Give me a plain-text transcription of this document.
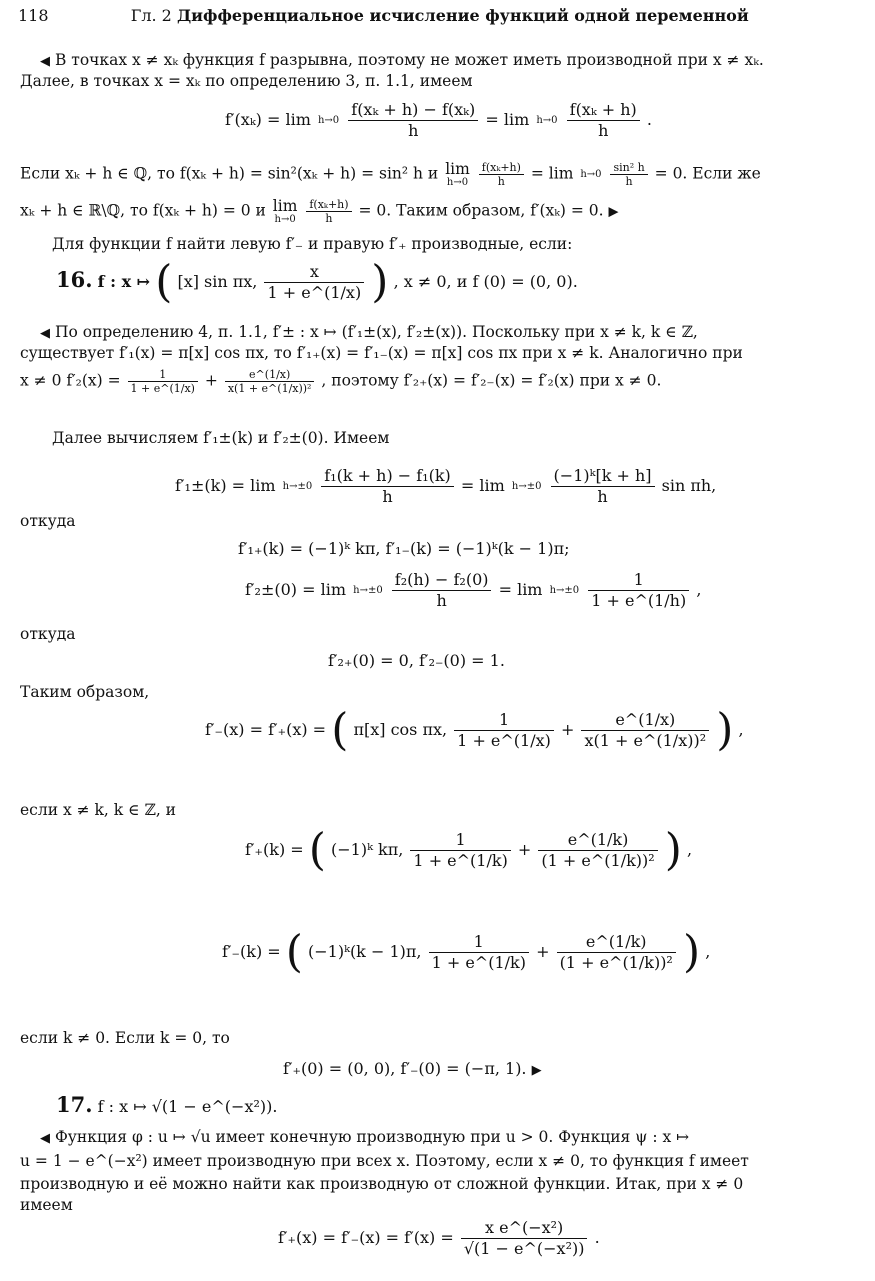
118	Гл. 2 Дифференциальное исчисление функций одной переменной
◀ В точках x ≠ xₖ функция f разрывна, поэтому не может иметь производной при x ≠ xₖ.
Далее, в точках x = xₖ по определению 3, п. 1.1, имеем
f′(xₖ) = lim h→0
$\frac{\text{f(xₖ + h) − f(xₖ)}}{h} = \lim h\to 0$
$\frac{\text{f(xₖ + h)}}{h}$ .
Если xₖ + h ∈ ℚ, то f(xₖ + h) = sin²(xₖ + h) = sin² h и lim
h→0
$\frac{\text{f(xₖ+h)}}{h} = \lim h\to 0$
$\frac{\text{sin² h}}{h} = 0$. Если же
xₖ + h ∈ ℝ\ℚ, то f(xₖ + h) = 0 и lim
h→0
$\frac{\text{f(xₖ+h)}}{h} = 0$. Таким образом, f′(xₖ) = 0. ▶
Для функции f найти левую f′₋ и правую f′₊ производные, если:
16. f : x ↦ ( [x] sin πx, $\frac{x}{1 + e\^{}(1/x)}$ ) , x ≠ 0, и f (0) = (0, 0).
◀ По определению 4, п. 1.1, f′± : x ↦ (f′₁±(x), f′₂±(x)). Поскольку при x ≠ k, k ∈ ℤ,
существует f′₁(x) = π[x] cos πx, то f′₁₊(x) = f′₁₋(x) = π[x] cos πx при x ≠ k. Аналогично при
x ≠ 0 $f'_2(x) = \frac{1}{1 + e\^{}(1/x)} + \frac{e\^{}(1/x)}{\text{x(1 + e\textasciicircum{}(1/x))²}}$ , поэтому f′₂₊(x) = f′₂₋(x) = f′₂(x) при x ≠ 0.
Далее вычисляем f′₁±(k) и f′₂±(0). Имеем
f′₁±(k) = lim h→±0
$\frac{\text{f₁(k + h) − f₁(k)}}{h} = \lim h\to\pm 0$
$\frac{\text{(−1)ᵏ[k + h]}}{h}$ sin πh,
откуда
f′₁₊(k) = (−1)ᵏ kπ, f′₁₋(k) = (−1)ᵏ(k − 1)π;
f′₂±(0) = lim h→±0
$\frac{\text{f₂(h) − f₂(0)}}{h} = \lim h\to\pm 0$
$\frac{1}{1 + e\^{}(1/h)}$ ,
откуда
f′₂₊(0) = 0, f′₂₋(0) = 1.
Таким образом,
f′₋(x) = f′₊(x) = ( π[x] cos πx, $\frac{1}{1 + e\^{}(1/x)} + \frac{e\^{}(1/x)}{\text{x(1 + e\textasciicircum{}(1/x))²}}$ ) ,
если x ≠ k, k ∈ ℤ, и
f′₊(k) = ( (−1)ᵏ kπ, $\frac{1}{1 + e\^{}(1/k)} + \frac{e\^{}(1/k)}{\text{(1 + e\textasciicircum{}(1/k))²}}$ ) ,
f′₋(k) = ( (−1)ᵏ(k − 1)π, $\frac{1}{1 + e\^{}(1/k)} + \frac{e\^{}(1/k)}{\text{(1 + e\textasciicircum{}(1/k))²}}$ ) ,
если k ≠ 0. Если k = 0, то
f′₊(0) = (0, 0), f′₋(0) = (−π, 1). ▶
17. f : x ↦ √(1 − e^(−x²)).
◀ Функция φ : u ↦ √u имеет конечную производную при u > 0. Функция ψ : x ↦
u = 1 − e^(−x²) имеет производную при всех x. Поэтому, если x ≠ 0, то функция f имеет
производную и её можно найти как производную от сложной функции. Итак, при x ≠ 0
имеем
$f'_+(x) = f'_-(x) = f'(x) = \frac{\text{x e\textasciicircum{}(−x²)}}{\text{√(1 − e\textasciicircum{}(−x²))}}$ .
